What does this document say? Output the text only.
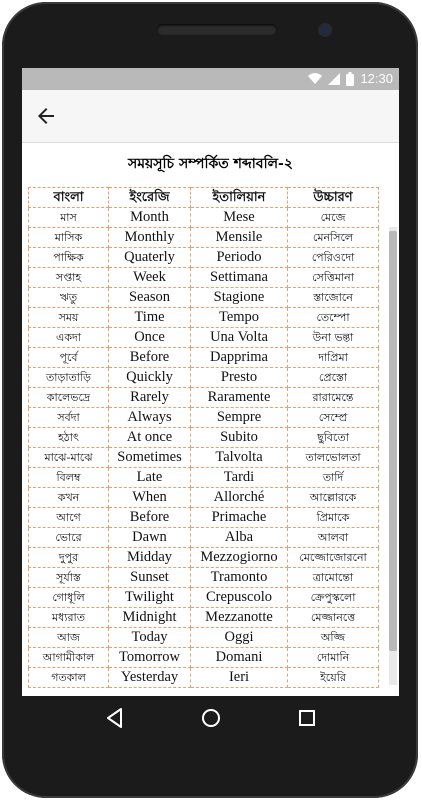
12:30
সময়সূচি সম্পর্কিত শব্দাবলি-২
বাংলা	ইংরেজি	ইতালিয়ান	উচ্চারণ
মাস	Month	Mese	মেজে
মাসিক	Monthly	Mensile	মেনসিলে
পাক্ষিক	Quaterly	Periodo	পেরিওদো
সপ্তাহ	Week	Settimana	সেত্তিমানা
ঋতু	Season	Stagione	স্তাজোনে
সময়	Time	Tempo	তেম্পো
একদা	Once	Una Volta	উনা ভল্তা
পূর্বে	Before	Dapprima	দাপ্রিমা
তাড়াতাড়ি	Quickly	Presto	প্রেস্তো
কালেভদ্রে	Rarely	Raramente	রারামেন্তে
সর্বদা	Always	Sempre	সেম্প্রে
হঠাৎ	At once	Subito	ছুবিতো
মাঝে-মাঝে	Sometimes	Talvolta	তালভোলতা
বিলম্ব	Late	Tardi	তার্দি
কখন	When	Allorché	আল্লোরকে
আগে	Before	Primache	প্রিমাকে
ভোরে	Dawn	Alba	আলবা
দুপুর	Midday	Mezzogiorno	মেজ্জোজোরনো
সূর্যাস্ত	Sunset	Tramonto	ত্রামোন্তো
গোধূলি	Twilight	Crepuscolo	ক্রেপুস্কলো
মধ্যরাত	Midnight	Mezzanotte	মেজ্জানত্তে
আজ	Today	Oggi	অজ্জি
আগামীকাল	Tomorrow	Domani	দোমানি
গতকাল	Yesterday	Ieri	ইয়েরি
